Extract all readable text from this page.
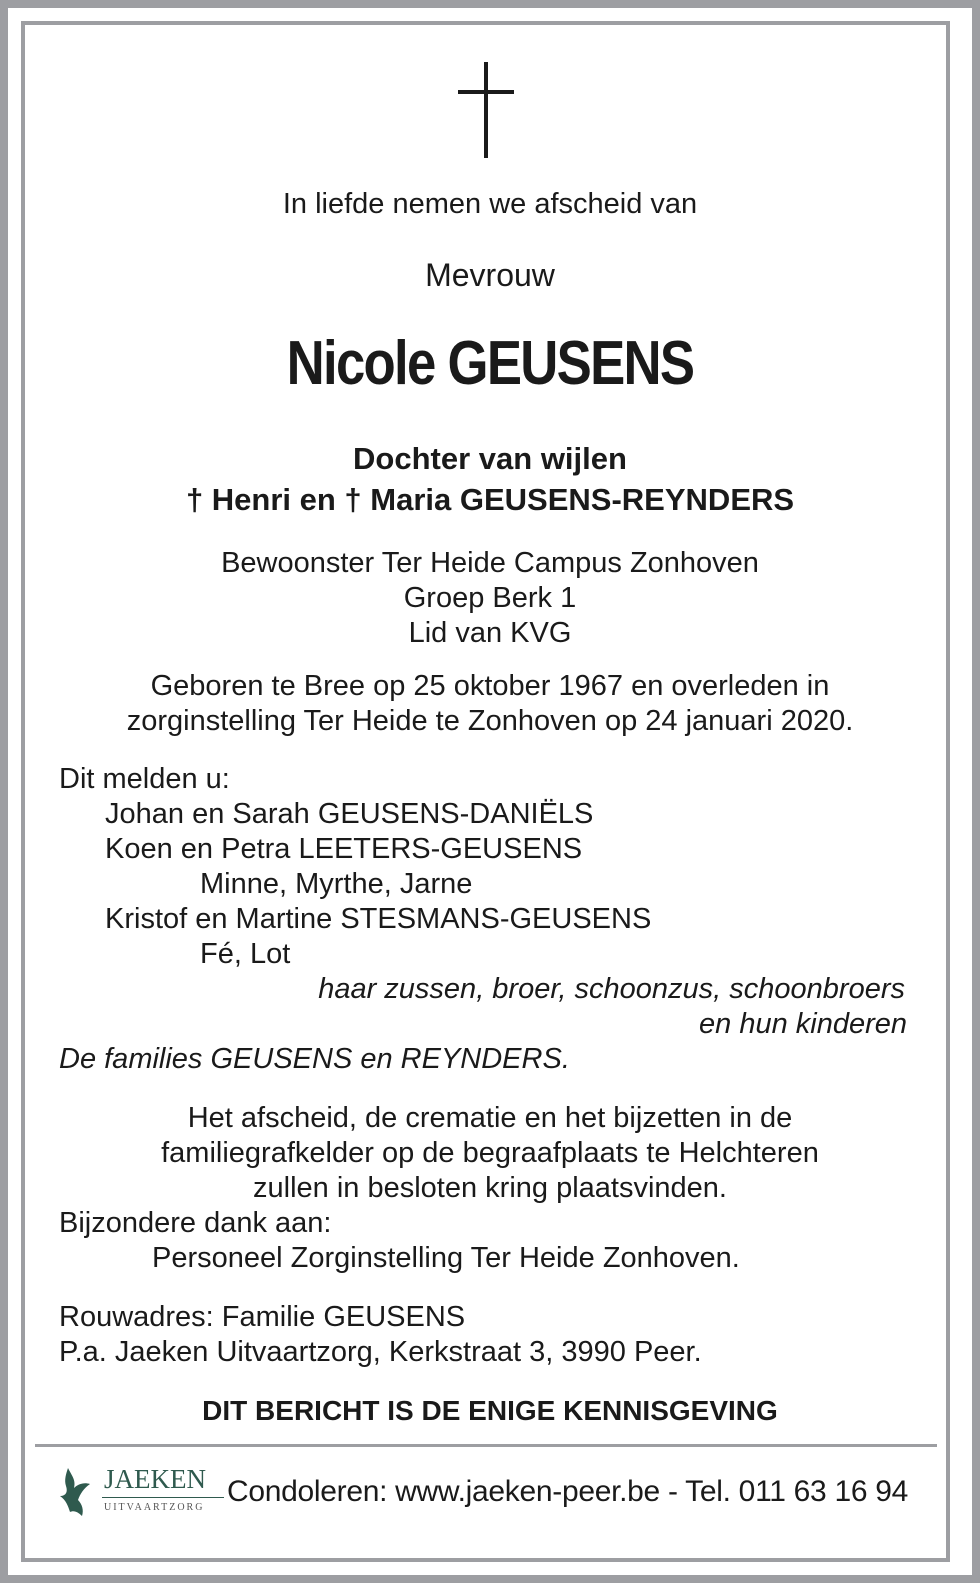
In liefde nemen we afscheid van
Mevrouw
Nicole GEUSENS
Dochter van wijlen
† Henri en † Maria GEUSENS-REYNDERS
Bewoonster Ter Heide Campus Zonhoven
Groep Berk 1
Lid van KVG
Geboren te Bree op 25 oktober 1967 en overleden in
zorginstelling Ter Heide te Zonhoven op 24 januari 2020.
Dit melden u:
Johan en Sarah GEUSENS-DANIËLS
Koen en Petra LEETERS-GEUSENS
Minne, Myrthe, Jarne
Kristof en Martine STESMANS-GEUSENS
Fé, Lot
haar zussen, broer, schoonzus, schoonbroers
en hun kinderen
De families GEUSENS en REYNDERS.
Het afscheid, de crematie en het bijzetten in de
familiegrafkelder op de begraafplaats te Helchteren
zullen in besloten kring plaatsvinden.
Bijzondere dank aan:
Personeel Zorginstelling Ter Heide Zonhoven.
Rouwadres: Familie GEUSENS
P.a. Jaeken Uitvaartzorg, Kerkstraat 3, 3990 Peer.
DIT BERICHT IS DE ENIGE KENNISGEVING
JAEKEN
UITVAARTZORG Condoleren: www.jaeken-peer.be - Tel. 011 63 16 94
